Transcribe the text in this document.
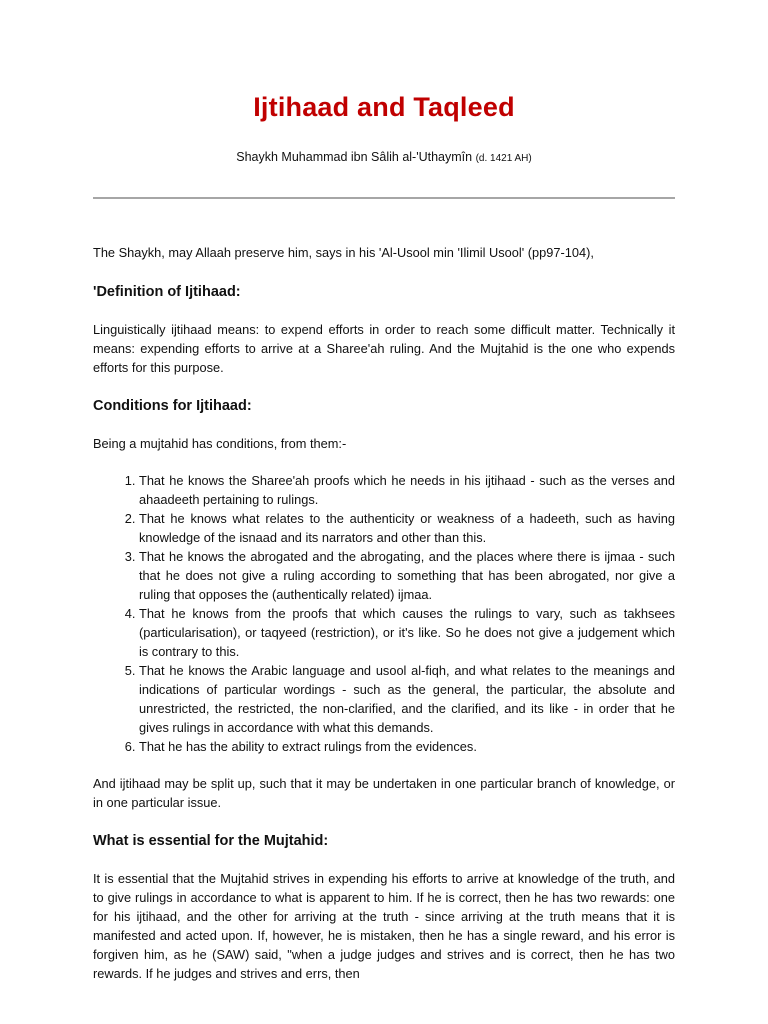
Ijtihaad and Taqleed
Shaykh Muhammad ibn Sâlih al-'Uthaymîn (d. 1421 AH)

The Shaykh, may Allaah preserve him, says in his 'Al-Usool min 'Ilimil Usool' (pp97-104),

'Definition of Ijtihaad:

Linguistically ijtihaad means: to expend efforts in order to reach some difficult matter. Technically it means: expending efforts to arrive at a Sharee'ah ruling. And the Mujtahid is the one who expends efforts for this purpose.

Conditions for Ijtihaad:

Being a mujtahid has conditions, from them:-

1. That he knows the Sharee'ah proofs which he needs in his ijtihaad - such as the verses and ahaadeeth pertaining to rulings.
2. That he knows what relates to the authenticity or weakness of a hadeeth, such as having knowledge of the isnaad and its narrators and other than this.
3. That he knows the abrogated and the abrogating, and the places where there is ijmaa - such that he does not give a ruling according to something that has been abrogated, nor give a ruling that opposes the (authentically related) ijmaa.
4. That he knows from the proofs that which causes the rulings to vary, such as takhsees (particularisation), or taqyeed (restriction), or it's like. So he does not give a judgement which is contrary to this.
5. That he knows the Arabic language and usool al-fiqh, and what relates to the meanings and indications of particular wordings - such as the general, the particular, the absolute and unrestricted, the restricted, the non-clarified, and the clarified, and its like - in order that he gives rulings in accordance with what this demands.
6. That he has the ability to extract rulings from the evidences.

And ijtihaad may be split up, such that it may be undertaken in one particular branch of knowledge, or in one particular issue.

What is essential for the Mujtahid:

It is essential that the Mujtahid strives in expending his efforts to arrive at knowledge of the truth, and to give rulings in accordance to what is apparent to him. If he is correct, then he has two rewards: one for his ijtihaad, and the other for arriving at the truth - since arriving at the truth means that it is manifested and acted upon. If, however, he is mistaken, then he has a single reward, and his error is forgiven him, as he (SAW) said, "when a judge judges and strives and is correct, then he has two rewards. If he judges and strives and errs, then
